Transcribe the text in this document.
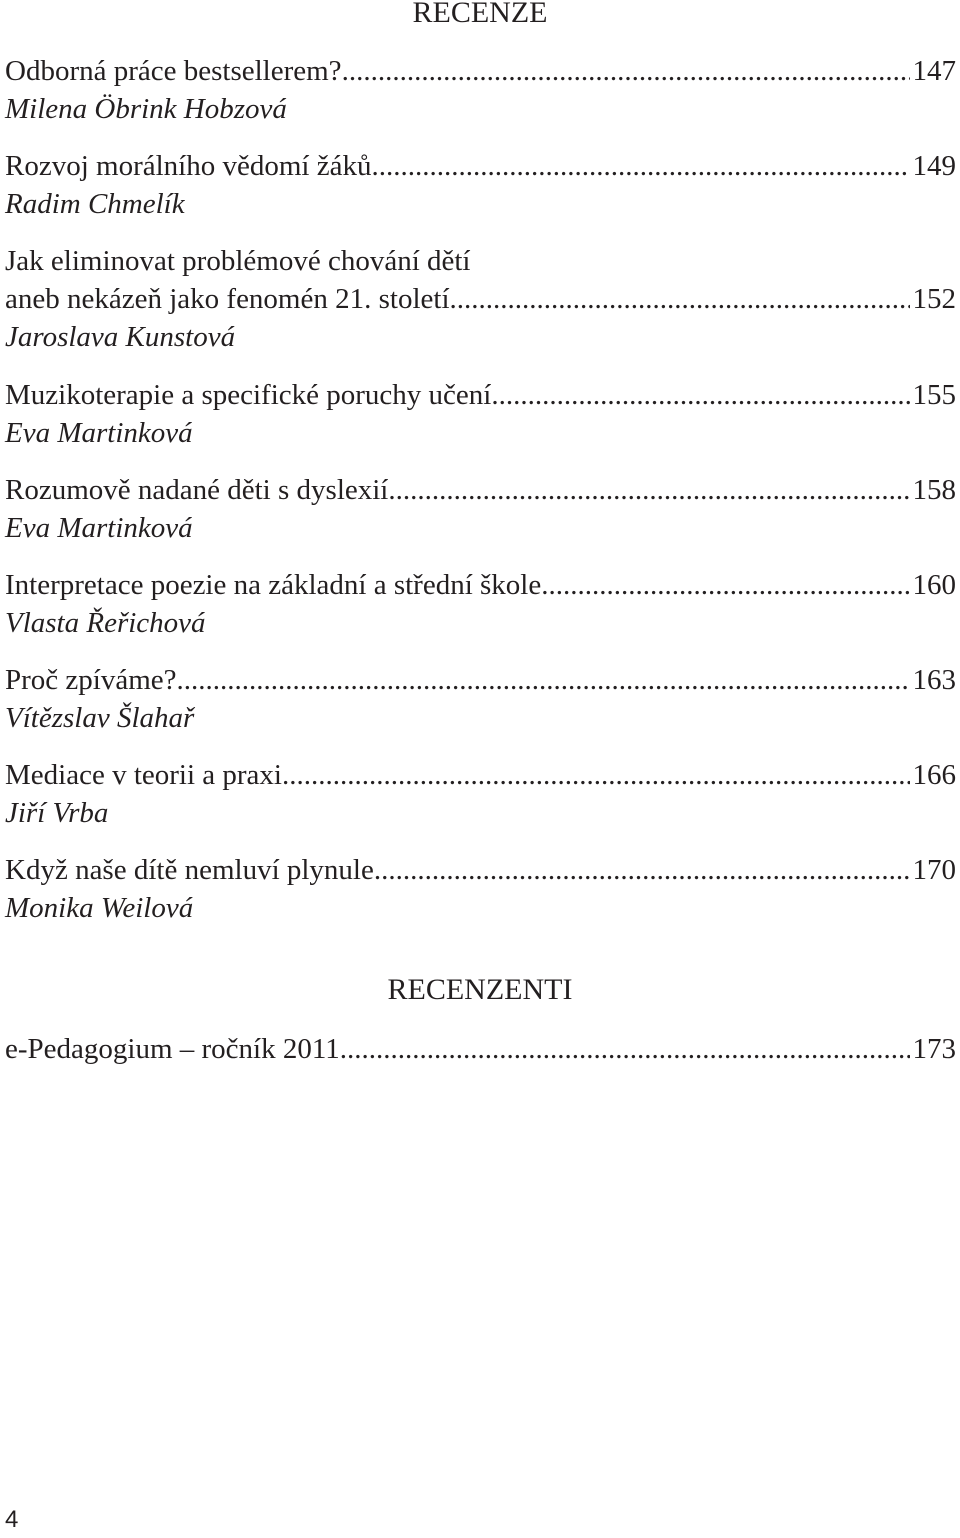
RECENZE
Odborná práce bestsellerem? .....	147
Milena Öbrink Hobzová
Rozvoj morálního vědomí žáků .....	149
Radim Chmelík
Jak eliminovat problémové chování dětí
aneb nekázeň jako fenomén 21. století .....	152
Jaroslava Kunstová
Muzikoterapie a specifické poruchy učení .....	155
Eva Martinková
Rozumově nadané děti s dyslexií .....	158
Eva Martinková
Interpretace poezie na základní a střední škole .....	160
Vlasta Řeřichová
Proč zpíváme? .....	163
Vítězslav Šlahař
Mediace v teorii a praxi .....	166
Jiří Vrba
Když naše dítě nemluví plynule .....	170
Monika Weilová
RECENZENTI
e-Pedagogium – ročník 2011 .....	173
4
